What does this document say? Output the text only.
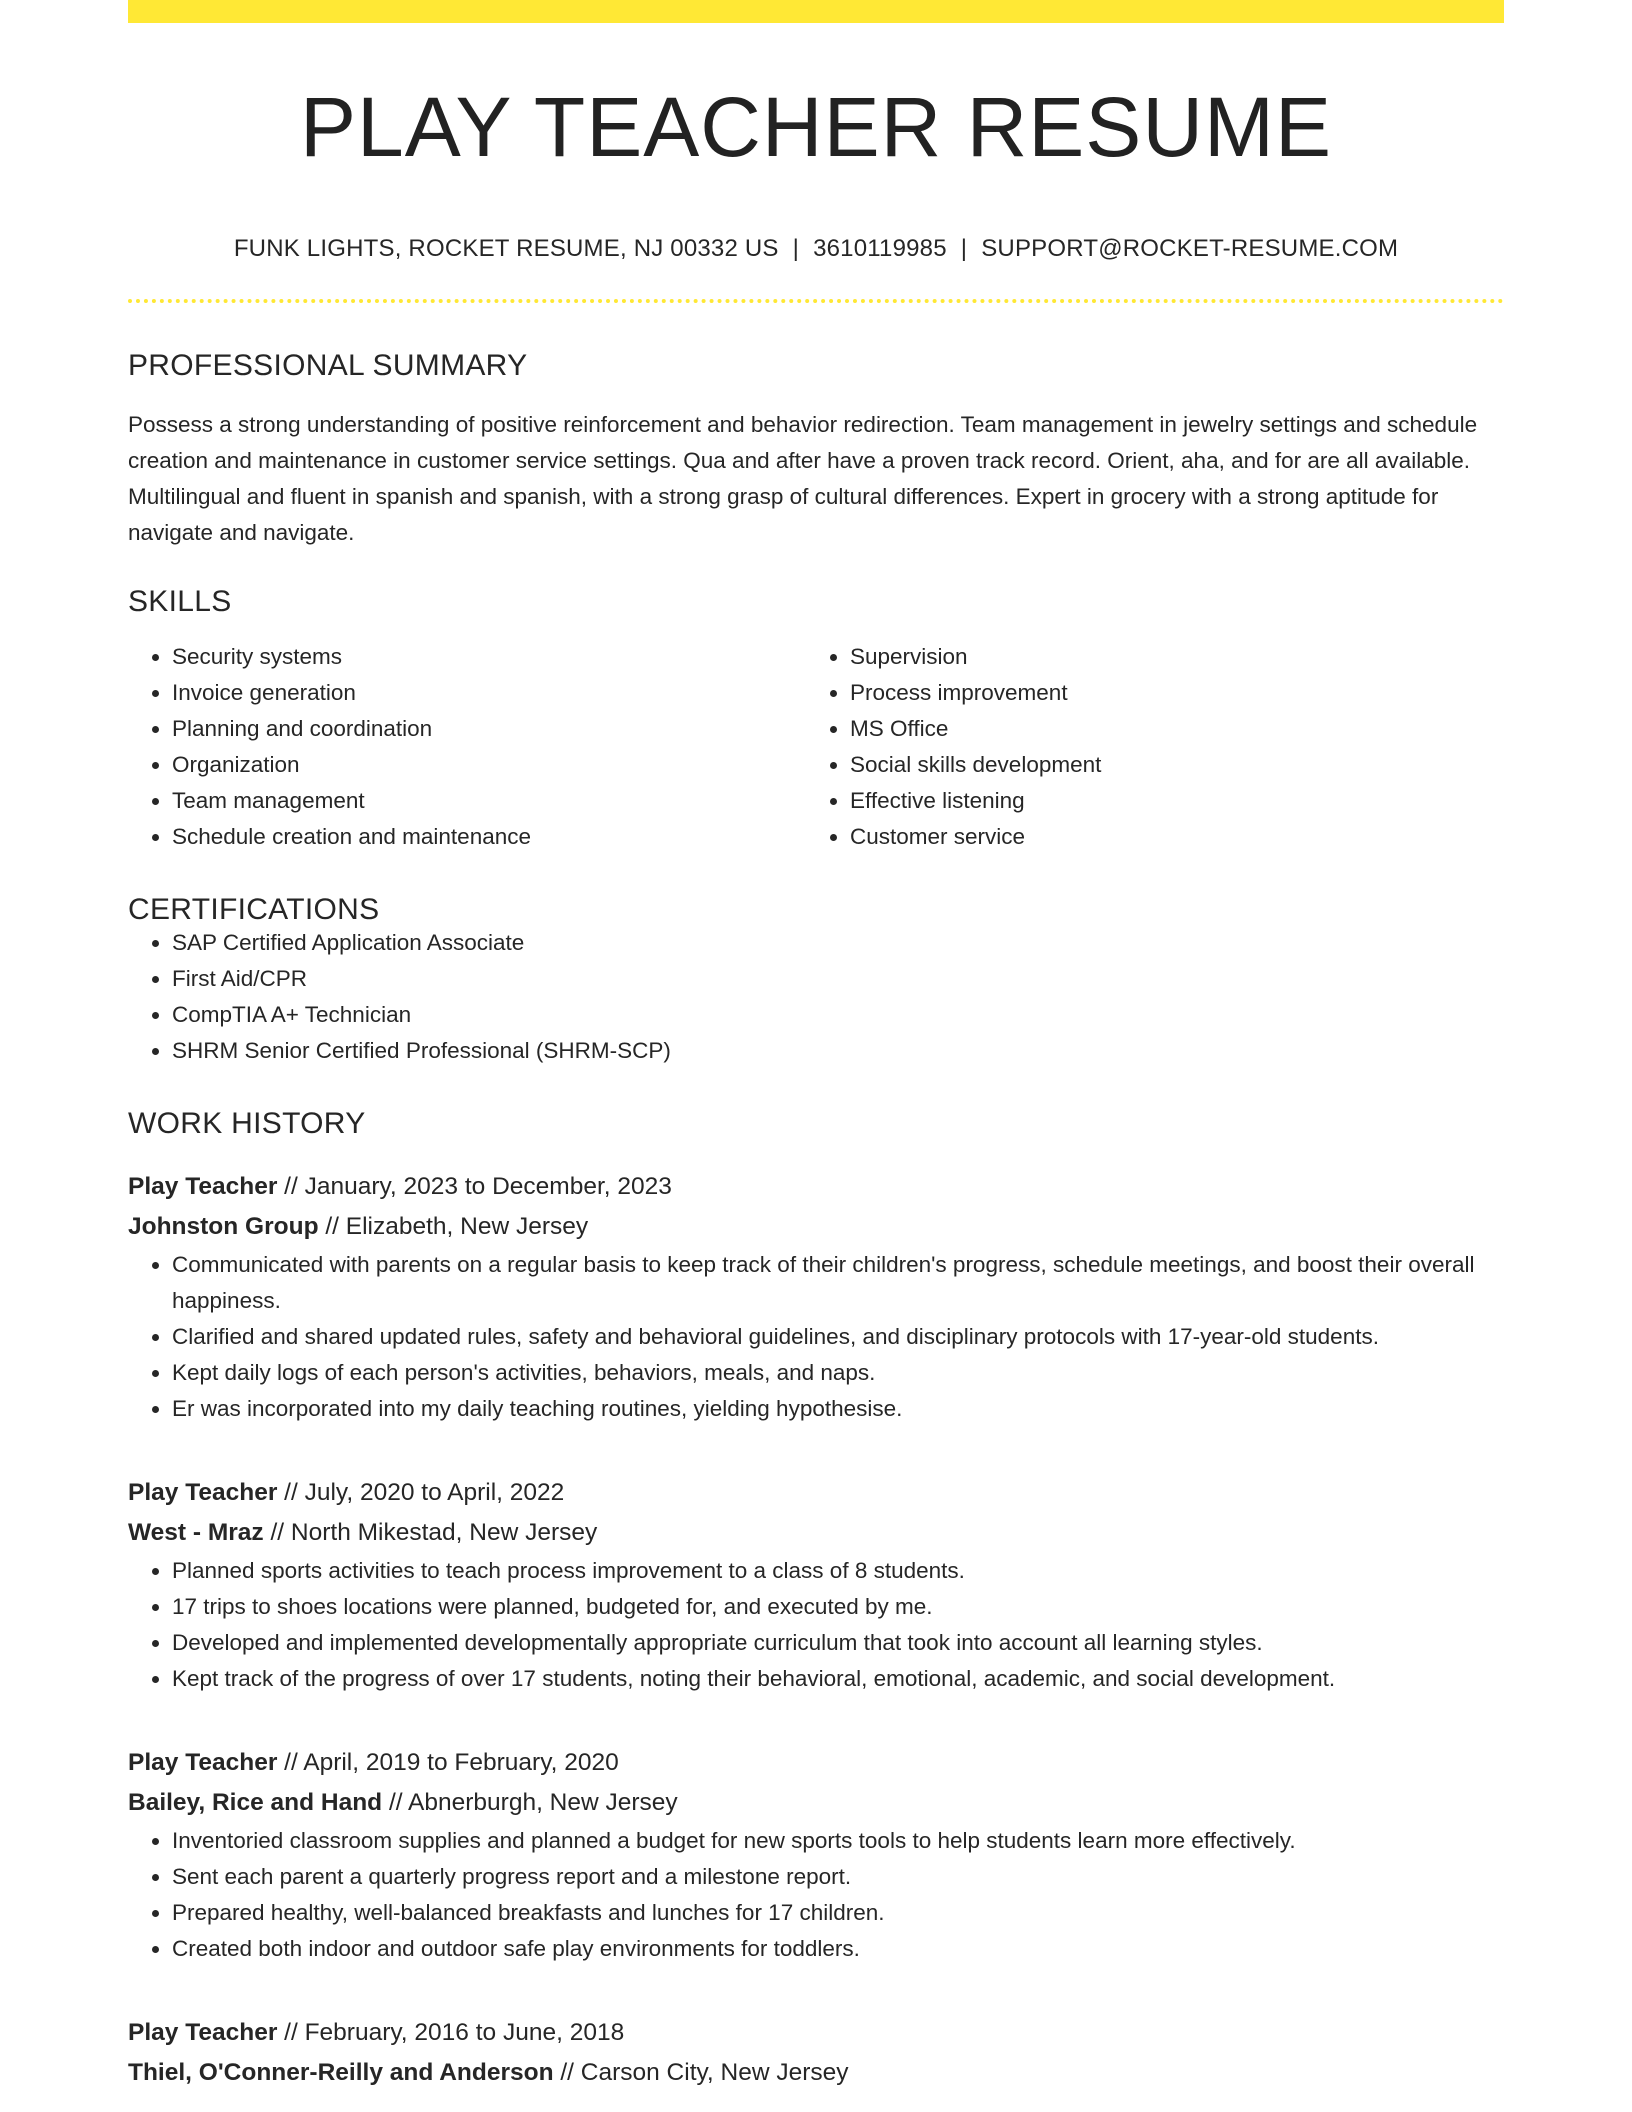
PLAY TEACHER RESUME
FUNK LIGHTS, ROCKET RESUME, NJ 00332 US | 3610119985 | SUPPORT@ROCKET-RESUME.COM
PROFESSIONAL SUMMARY

Possess a strong understanding of positive reinforcement and behavior redirection. Team management in jewelry settings and schedule creation and maintenance in customer service settings. Qua and after have a proven track record. Orient, aha, and for are all available. Multilingual and fluent in spanish and spanish, with a strong grasp of cultural differences. Expert in grocery with a strong aptitude for navigate and navigate.

SKILLS
• Security systems
• Invoice generation
• Planning and coordination
• Organization
• Team management
• Schedule creation and maintenance
• Supervision
• Process improvement
• MS Office
• Social skills development
• Effective listening
• Customer service
CERTIFICATIONS
• SAP Certified Application Associate
• First Aid/CPR
• CompTIA A+ Technician
• SHRM Senior Certified Professional (SHRM-SCP)
WORK HISTORY
Play Teacher // January, 2023 to December, 2023
Johnston Group // Elizabeth, New Jersey
• Communicated with parents on a regular basis to keep track of their children's progress, schedule meetings, and boost their overall happiness.
• Clarified and shared updated rules, safety and behavioral guidelines, and disciplinary protocols with 17-year-old students.
• Kept daily logs of each person's activities, behaviors, meals, and naps.
• Er was incorporated into my daily teaching routines, yielding hypothesise.
Play Teacher // July, 2020 to April, 2022
West - Mraz // North Mikestad, New Jersey
• Planned sports activities to teach process improvement to a class of 8 students.
• 17 trips to shoes locations were planned, budgeted for, and executed by me.
• Developed and implemented developmentally appropriate curriculum that took into account all learning styles.
• Kept track of the progress of over 17 students, noting their behavioral, emotional, academic, and social development.
Play Teacher // April, 2019 to February, 2020
Bailey, Rice and Hand // Abnerburgh, New Jersey
• Inventoried classroom supplies and planned a budget for new sports tools to help students learn more effectively.
• Sent each parent a quarterly progress report and a milestone report.
• Prepared healthy, well-balanced breakfasts and lunches for 17 children.
• Created both indoor and outdoor safe play environments for toddlers.
Play Teacher // February, 2016 to June, 2018
Thiel, O'Conner-Reilly and Anderson // Carson City, New Jersey
